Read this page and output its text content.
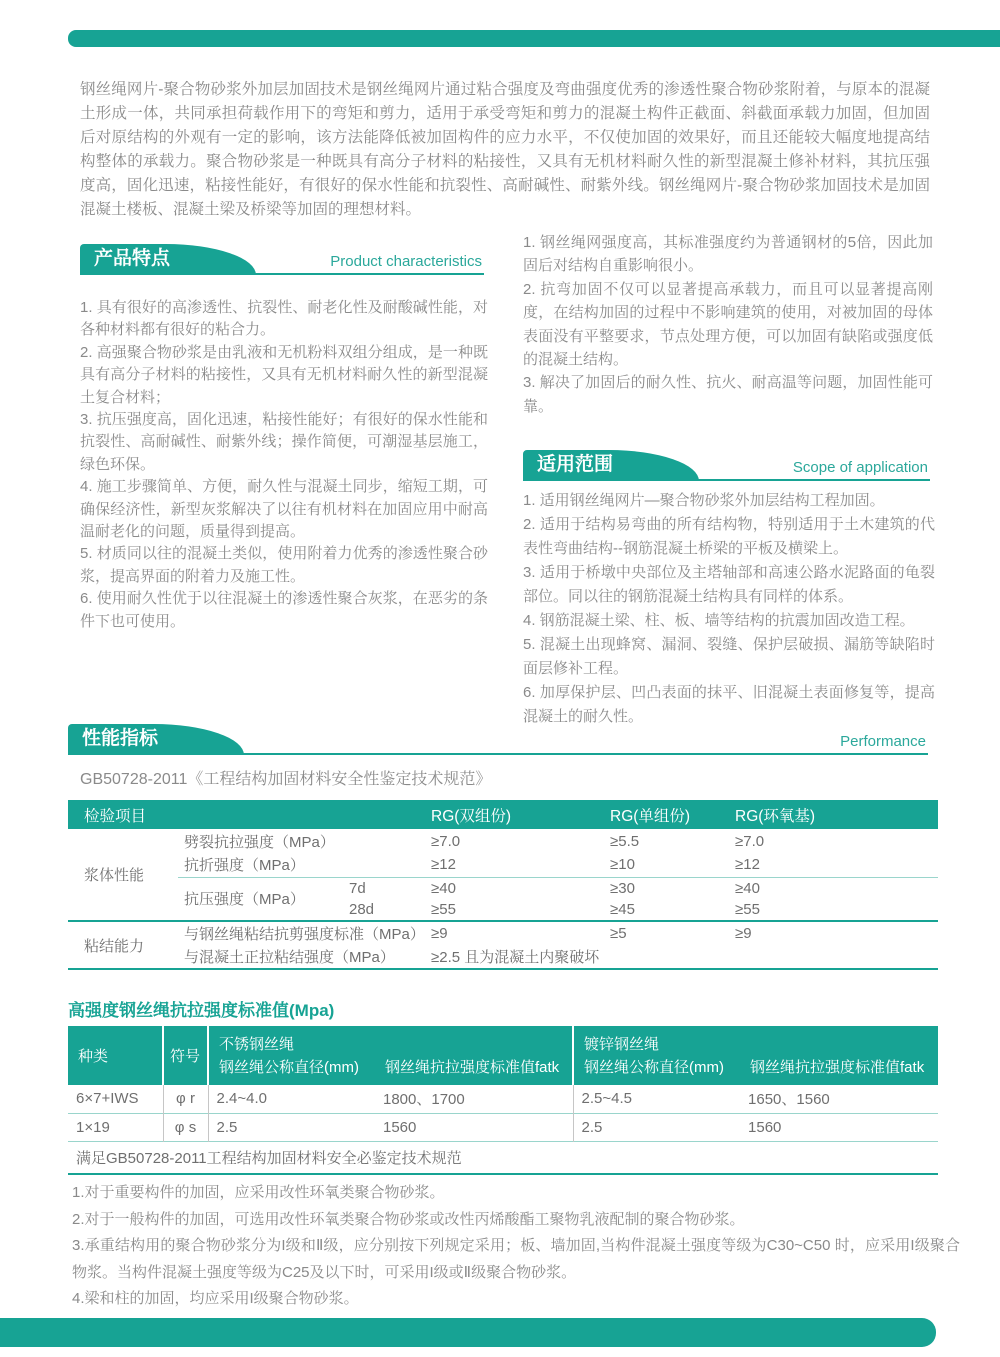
钢丝绳网片-聚合物砂浆外加层加固技术是钢丝绳网片通过粘合强度及弯曲强度优秀的渗透性聚合物砂浆附着，与原本的混凝土形成一体，共同承担荷载作用下的弯矩和剪力，适用于承受弯矩和剪力的混凝土构件正截面、斜截面承载力加固，但加固后对原结构的外观有一定的影响，该方法能降低被加固构件的应力水平，不仅使加固的效果好，而且还能较大幅度地提高结构整体的承载力。聚合物砂浆是一种既具有高分子材料的粘接性，又具有无机材料耐久性的新型混凝土修补材料，其抗压强度高，固化迅速，粘接性能好，有很好的保水性能和抗裂性、高耐碱性、耐紫外线。钢丝绳网片-聚合物砂浆加固技术是加固混凝土楼板、混凝土梁及桥梁等加固的理想材料。

产品特点	Product characteristics

1. 具有很好的高渗透性、抗裂性、耐老化性及耐酸碱性能，对各种材料都有很好的粘合力。

2. 高强聚合物砂浆是由乳液和无机粉料双组分组成，是一种既具有高分子材料的粘接性，又具有无机材料耐久性的新型混凝土复合材料；

3. 抗压强度高，固化迅速，粘接性能好；有很好的保水性能和抗裂性、高耐碱性、耐紫外线；操作简便，可潮湿基层施工，绿色环保。

4. 施工步骤简单、方便，耐久性与混凝土同步，缩短工期，可确保经济性，新型灰浆解决了以往有机材料在加固应用中耐高温耐老化的问题，质量得到提高。

5. 材质同以往的混凝土类似，使用附着力优秀的渗透性聚合砂浆，提高界面的附着力及施工性。

6. 使用耐久性优于以往混凝土的渗透性聚合灰浆，在恶劣的条件下也可使用。

1. 钢丝绳网强度高，其标准强度约为普通钢材的5倍，因此加固后对结构自重影响很小。

2. 抗弯加固不仅可以显著提高承载力，而且可以显著提高刚度，在结构加固的过程中不影响建筑的使用，对被加固的母体表面没有平整要求，节点处理方便，可以加固有缺陷或强度低的混凝土结构。

3. 解决了加固后的耐久性、抗火、耐高温等问题，加固性能可靠。

适用范围	Scope of application

1. 适用钢丝绳网片—聚合物砂浆外加层结构工程加固。

2. 适用于结构易弯曲的所有结构物，特别适用于土木建筑的代表性弯曲结构--钢筋混凝土桥梁的平板及横梁上。

3. 适用于桥墩中央部位及主塔轴部和高速公路水泥路面的龟裂部位。同以往的钢筋混凝土结构具有同样的体系。

4. 钢筋混凝土梁、柱、板、墙等结构的抗震加固改造工程。

5. 混凝土出现蜂窝、漏洞、裂缝、保护层破损、漏筋等缺陷时面层修补工程。

6. 加厚保护层、凹凸表面的抹平、旧混凝土表面修复等，提高混凝土的耐久性。

性能指标	Performance

GB50728-2011《工程结构加固材料安全性鉴定技术规范》

检验项目			RG(双组份)	RG(单组份)	RG(环氧基)
浆体性能	劈裂抗拉强度（MPa）		≥7.0	≥5.5	≥7.0
	抗折强度（MPa）		≥12	≥10	≥12
	抗压强度（MPa）	7d	≥40	≥30	≥40
		28d	≥55	≥45	≥55
粘结能力	与钢丝绳粘结抗剪强度标准（MPa）		≥9	≥5	≥9
	与混凝土正拉粘结强度（MPa）		≥2.5 且为混凝土内聚破坏		

高强度钢丝绳抗拉强度标准值(Mpa)

种类	符号	不锈钢丝绳		镀锌钢丝绳	
		钢丝绳公称直径(mm)	钢丝绳抗拉强度标准值fatk	钢丝绳公称直径(mm)	钢丝绳抗拉强度标准值fatk
6×7+IWS	φ r	2.4~4.0	1800、1700	2.5~4.5	1650、1560
1×19	φ s	2.5	1560	2.5	1560
满足GB50728-2011工程结构加固材料安全必鉴定技术规范					

1.对于重要构件的加固，应采用改性环氧类聚合物砂浆。

2.对于一般构件的加固，可选用改性环氧类聚合物砂浆或改性丙烯酸酯工聚物乳液配制的聚合物砂浆。

3.承重结构用的聚合物砂浆分为I级和Ⅱ级，应分别按下列规定采用；板、墙加固,当构件混凝土强度等级为C30~C50 时，应采用I级聚合物浆。当构件混凝土强度等级为C25及以下时，可采用I级或Ⅱ级聚合物砂浆。

4.梁和柱的加固，均应采用I级聚合物砂浆。
